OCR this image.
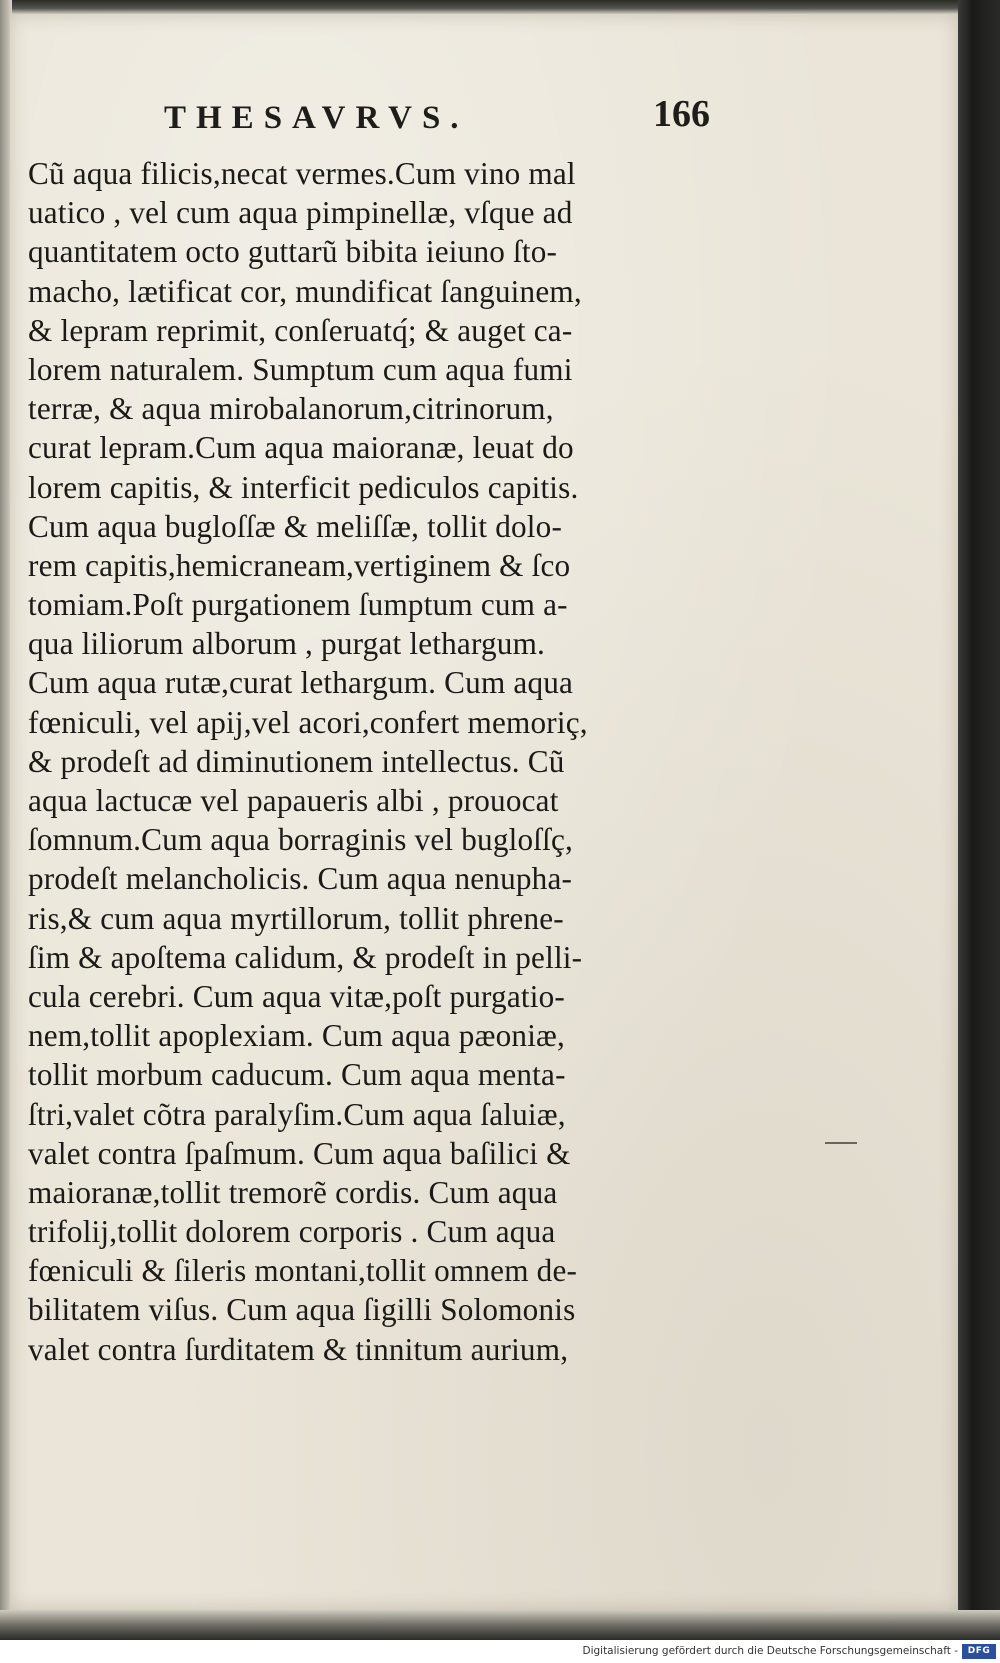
THESAVRVS.	166
Cũ aqua filicis,necat vermes.Cum vino mal
uatico , vel cum aqua pimpinellæ, vſque ad
quantitatem octo guttarũ bibita ieiuno ſto-
macho, lætificat cor, mundificat ſanguinem,
& lepram reprimit, conſeruatq́; & auget ca-
lorem naturalem. Sumptum cum aqua fumi
terræ, & aqua mirobalanorum,citrinorum,
curat lepram.Cum aqua maioranæ, leuat do
lorem capitis, & interficit pediculos capitis.
Cum aqua bugloſſæ & meliſſæ, tollit dolo-
rem capitis,hemicraneam,vertiginem & ſco
tomiam.Poſt purgationem ſumptum cum a-
qua liliorum alborum , purgat lethargum.
Cum aqua rutæ,curat lethargum. Cum aqua
fœniculi, vel apij,vel acori,confert memoriç,
& prodeſt ad diminutionem intellectus. Cũ
aqua lactucæ vel papaueris albi , prouocat
ſomnum.Cum aqua borraginis vel bugloſſç,
prodeſt melancholicis. Cum aqua nenupha-
ris,& cum aqua myrtillorum, tollit phrene-
ſim & apoſtema calidum, & prodeſt in pelli-
cula cerebri. Cum aqua vitæ,poſt purgatio-
nem,tollit apoplexiam. Cum aqua pæoniæ,
tollit morbum caducum. Cum aqua menta-
ſtri,valet cõtra paralyſim.Cum aqua ſaluiæ,
valet contra ſpaſmum. Cum aqua baſilici &
maioranæ,tollit tremorẽ cordis. Cum aqua
trifolij,tollit dolorem corporis . Cum aqua
fœniculi & ſileris montani,tollit omnem de-
bilitatem viſus. Cum aqua ſigilli Solomonis
valet contra ſurditatem & tinnitum aurium,
Digitalisierung gefördert durch die Deutsche Forschungsgemeinschaft -	DFG
